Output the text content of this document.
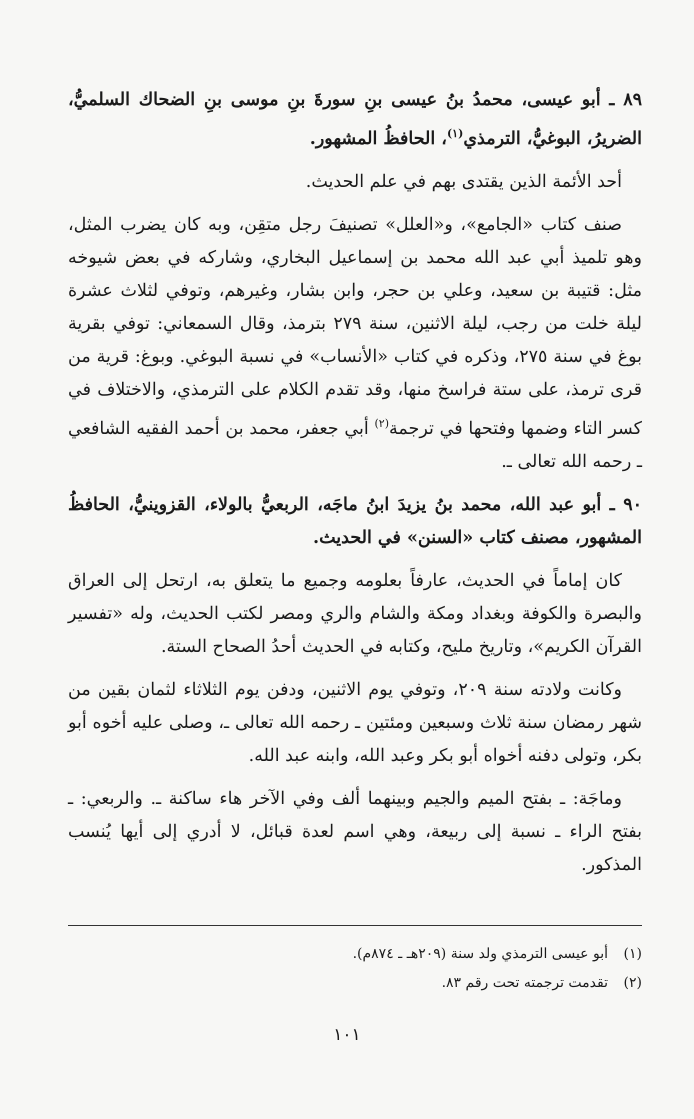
٨٩ ـ أبو عيسى، محمدُ بنُ عيسى بنِ سورةَ بنِ موسى بنِ الضحاك السلميُّ، الضريرُ، البوغيُّ، الترمذي$^{(١)}$، الحافظُ المشهور.

أحد الأئمة الذين يقتدى بهم في علم الحديث.

صنف كتاب «الجامع»، و«العلل» تصنيفَ رجل متقِن، وبه كان يضرب المثل، وهو تلميذ أبي عبد الله محمد بن إسماعيل البخاري، وشاركه في بعض شيوخه مثل: قتيبة بن سعيد، وعلي بن حجر، وابن بشار، وغيرهم، وتوفي لثلاث عشرة ليلة خلت من رجب، ليلة الاثنين، سنة ٢٧٩ بترمذ، وقال السمعاني: توفي بقرية بوغ في سنة ٢٧٥، وذكره في كتاب «الأنساب» في نسبة البوغي. وبوغ: قرية من قرى ترمذ، على ستة فراسخ منها، وقد تقدم الكلام على الترمذي، والاختلاف في كسر التاء وضمها وفتحها في ترجمة$^{(٢)}$ أبي جعفر، محمد بن أحمد الفقيه الشافعي ـ رحمه الله تعالى ـ.

٩٠ ـ أبو عبد الله، محمد بنُ يزيدَ ابنُ ماجَه، الربعيُّ بالولاء، القزوينيُّ، الحافظُ المشهور، مصنف كتاب «السنن» في الحديث.

كان إماماً في الحديث، عارفاً بعلومه وجميع ما يتعلق به، ارتحل إلى العراق والبصرة والكوفة وبغداد ومكة والشام والري ومصر لكتب الحديث، وله «تفسير القرآن الكريم»، وتاريخ مليح، وكتابه في الحديث أحدُ الصحاح الستة.

وكانت ولادته سنة ٢٠٩، وتوفي يوم الاثنين، ودفن يوم الثلاثاء لثمان بقين من شهر رمضان سنة ثلاث وسبعين ومئتين ـ رحمه الله تعالى ـ، وصلى عليه أخوه أبو بكر، وتولى دفنه أخواه أبو بكر وعبد الله، وابنه عبد الله.

وماجَة: ـ بفتح الميم والجيم وبينهما ألف وفي الآخر هاء ساكنة ـ. والربعي: ـ بفتح الراء ـ نسبة إلى ربيعة، وهي اسم لعدة قبائل، لا أدري إلى أيها يُنسب المذكور.

(١)أبو عيسى الترمذي ولد سنة (٢٠٩هـ ـ ٨٧٤م).
(٢)تقدمت ترجمته تحت رقم ٨٣.
١٠١
